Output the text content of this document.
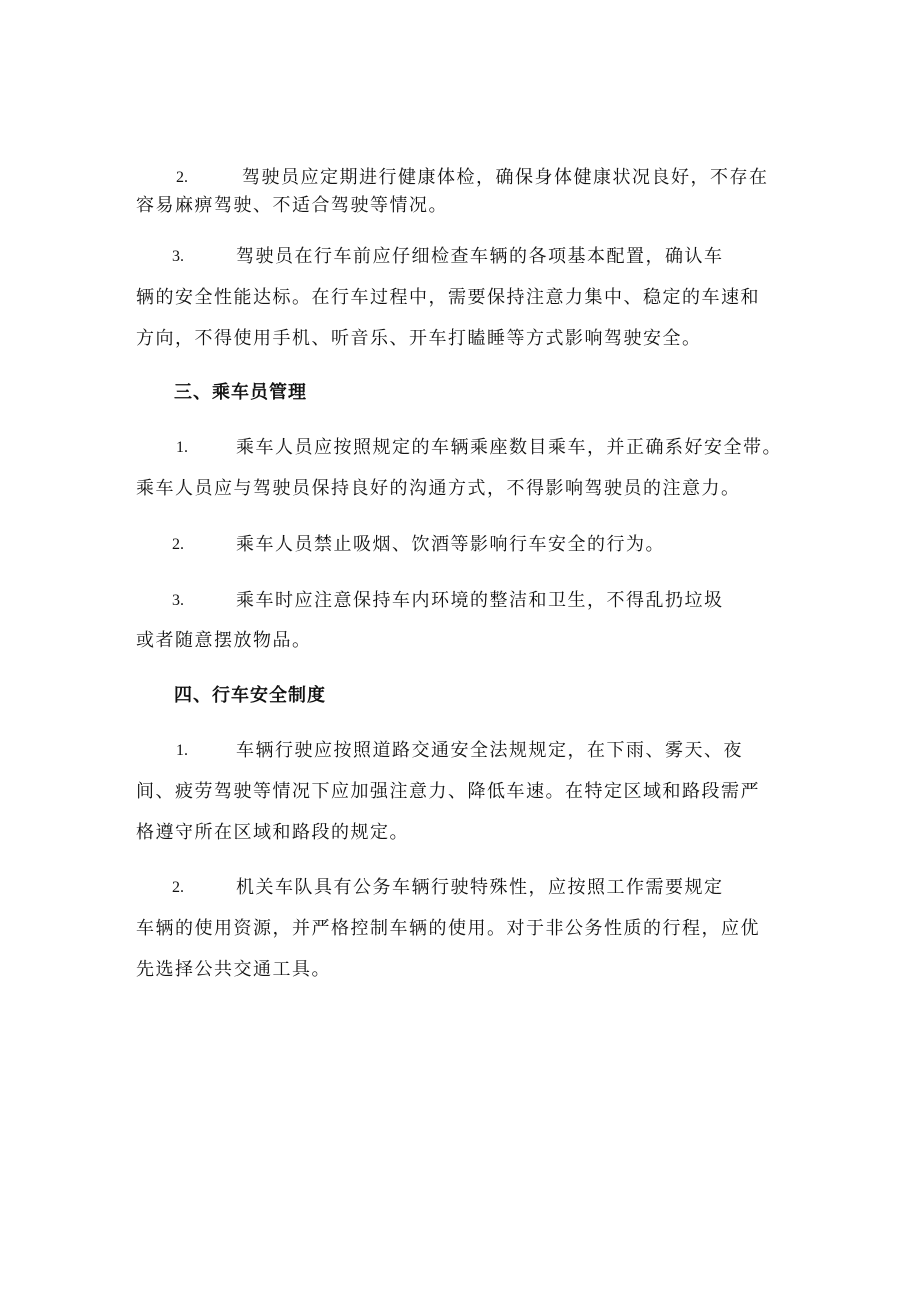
2.	驾驶员应定期进行健康体检，确保身体健康状况良好，不存在
容易麻痹驾驶、不适合驾驶等情况。
3.	驾驶员在行车前应仔细检查车辆的各项基本配置，确认车
辆的安全性能达标。在行车过程中，需要保持注意力集中、稳定的车速和
方向，不得使用手机、听音乐、开车打瞌睡等方式影响驾驶安全。
三、乘车员管理
1.	乘车人员应按照规定的车辆乘座数目乘车，并正确系好安全带。
乘车人员应与驾驶员保持良好的沟通方式，不得影响驾驶员的注意力。
2.	乘车人员禁止吸烟、饮酒等影响行车安全的行为。
3.	乘车时应注意保持车内环境的整洁和卫生，不得乱扔垃圾
或者随意摆放物品。
四、行车安全制度
1.	车辆行驶应按照道路交通安全法规规定，在下雨、雾天、夜
间、疲劳驾驶等情况下应加强注意力、降低车速。在特定区域和路段需严
格遵守所在区域和路段的规定。
2.	机关车队具有公务车辆行驶特殊性，应按照工作需要规定
车辆的使用资源，并严格控制车辆的使用。对于非公务性质的行程，应优
先选择公共交通工具。
